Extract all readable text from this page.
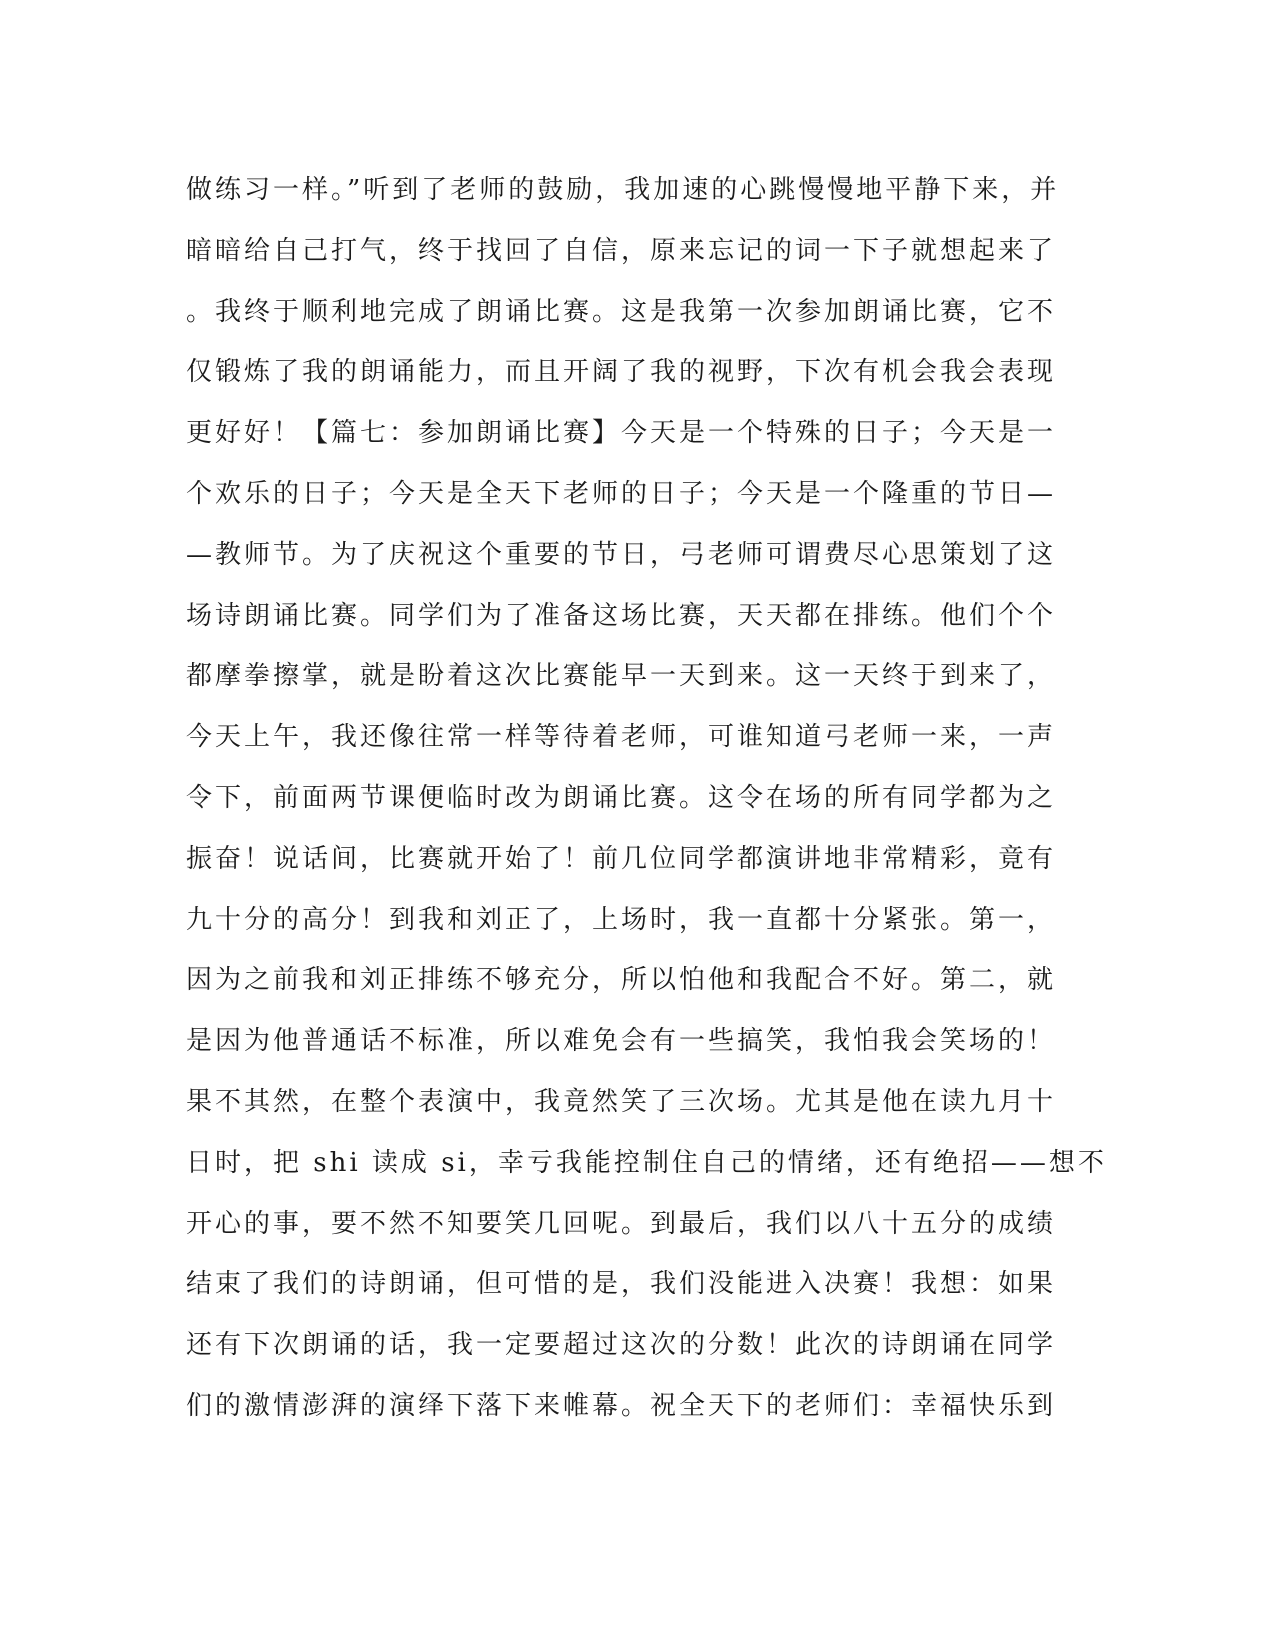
做练习一样。”听到了老师的鼓励，我加速的心跳慢慢地平静下来，并
暗暗给自己打气，终于找回了自信，原来忘记的词一下子就想起来了
。我终于顺利地完成了朗诵比赛。这是我第一次参加朗诵比赛，它不
仅锻炼了我的朗诵能力，而且开阔了我的视野，下次有机会我会表现
更好好！【篇七：参加朗诵比赛】今天是一个特殊的日子；今天是一
个欢乐的日子；今天是全天下老师的日子；今天是一个隆重的节日—
—教师节。为了庆祝这个重要的节日，弓老师可谓费尽心思策划了这
场诗朗诵比赛。同学们为了准备这场比赛，天天都在排练。他们个个
都摩拳擦掌，就是盼着这次比赛能早一天到来。这一天终于到来了，
今天上午，我还像往常一样等待着老师，可谁知道弓老师一来，一声
令下，前面两节课便临时改为朗诵比赛。这令在场的所有同学都为之
振奋！说话间，比赛就开始了！前几位同学都演讲地非常精彩，竟有
九十分的高分！到我和刘正了，上场时，我一直都十分紧张。第一，
因为之前我和刘正排练不够充分，所以怕他和我配合不好。第二，就
是因为他普通话不标准，所以难免会有一些搞笑，我怕我会笑场的！
果不其然，在整个表演中，我竟然笑了三次场。尤其是他在读九月十
日时，把 shi 读成 si，幸亏我能控制住自己的情绪，还有绝招——想不
开心的事，要不然不知要笑几回呢。到最后，我们以八十五分的成绩
结束了我们的诗朗诵，但可惜的是，我们没能进入决赛！我想：如果
还有下次朗诵的话，我一定要超过这次的分数！此次的诗朗诵在同学
们的激情澎湃的演绎下落下来帷幕。祝全天下的老师们：幸福快乐到
